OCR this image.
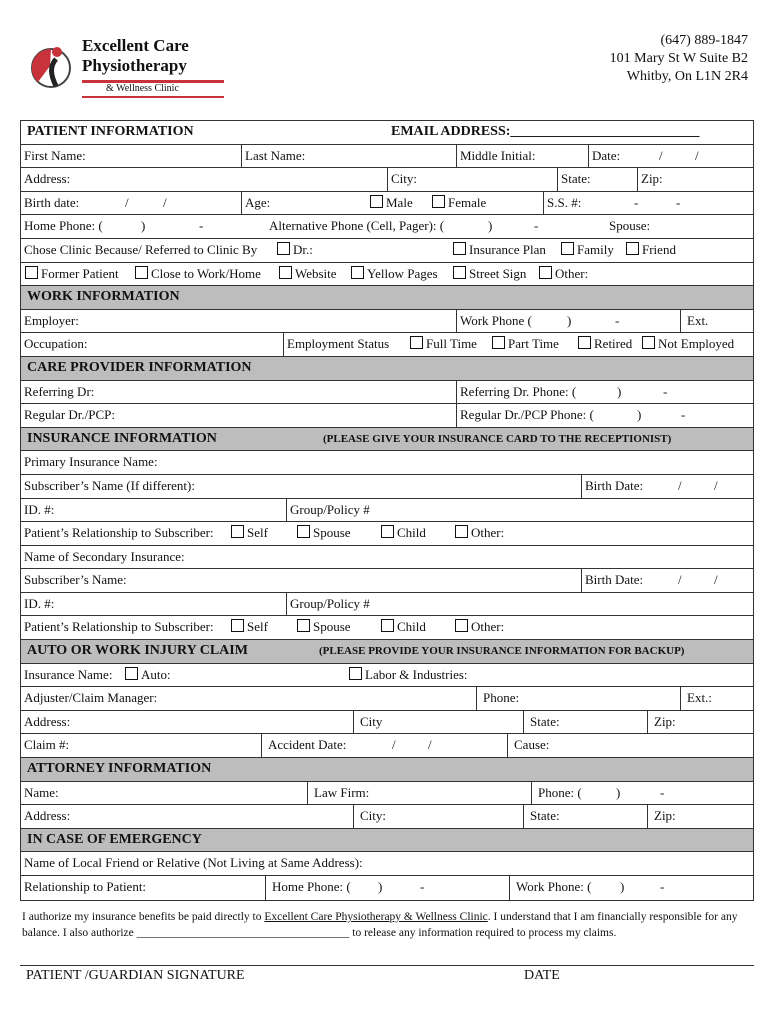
Excellent Care
Physiotherapy
& Wellness Clinic
(647) 889-1847
101 Mary St W Suite B2
Whitby, On L1N 2R4
PATIENT INFORMATION	EMAIL ADDRESS:___________________________
First Name:	Last Name:	Middle Initial:	Date:	/ /
Address:	City:	State:	Zip:
Birth date:	/	/	Age:	Male	Female	S.S. #:	-	-
Home Phone: (	)	-	Alternative Phone (Cell, Pager): (	)	-	Spouse:
Chose Clinic Because/ Referred to Clinic By	Dr.:	Insurance Plan	Family	Friend
Former Patient	Close to Work/Home	Website	Yellow Pages	Street Sign	Other:
WORK INFORMATION
Employer:	Work Phone (	)	-	Ext.
Occupation:	Employment Status	Full Time	Part Time	Retired	Not Employed
CARE PROVIDER INFORMATION
Referring Dr:	Referring Dr. Phone: (	)	-
Regular Dr./PCP:	Regular Dr./PCP Phone: (	)	-
INSURANCE INFORMATION	(PLEASE GIVE YOUR INSURANCE CARD TO THE RECEPTIONIST)
Primary Insurance Name:
Subscriber’s Name (If different):	Birth Date:	/ /
ID. #:	Group/Policy #
Patient’s Relationship to Subscriber:	Self	Spouse	Child	Other:
Name of Secondary Insurance:
Subscriber’s Name:	Birth Date:	/ /
ID. #:	Group/Policy #
Patient’s Relationship to Subscriber:	Self	Spouse	Child	Other:
AUTO OR WORK INJURY CLAIM	(PLEASE PROVIDE YOUR INSURANCE INFORMATION FOR BACKUP)
Insurance Name:	Auto:	Labor & Industries:
Adjuster/Claim Manager:	Phone:	Ext.:
Address:	City	State:	Zip:
Claim #:	Accident Date:	/ /	Cause:
ATTORNEY INFORMATION
Name:	Law Firm:	Phone: (	)	-
Address:	City:	State:	Zip:
IN CASE OF EMERGENCY
Name of Local Friend or Relative (Not Living at Same Address):
Relationship to Patient:	Home Phone: ( )	-	Work Phone: ( )	-
I authorize my insurance benefits be paid directly to Excellent Care Physiotherapy & Wellness Clinic. I understand that I am financially responsible for any balance. I also authorize _____________________________________ to release any information required to process my claims.
PATIENT /GUARDIAN SIGNATURE	DATE
